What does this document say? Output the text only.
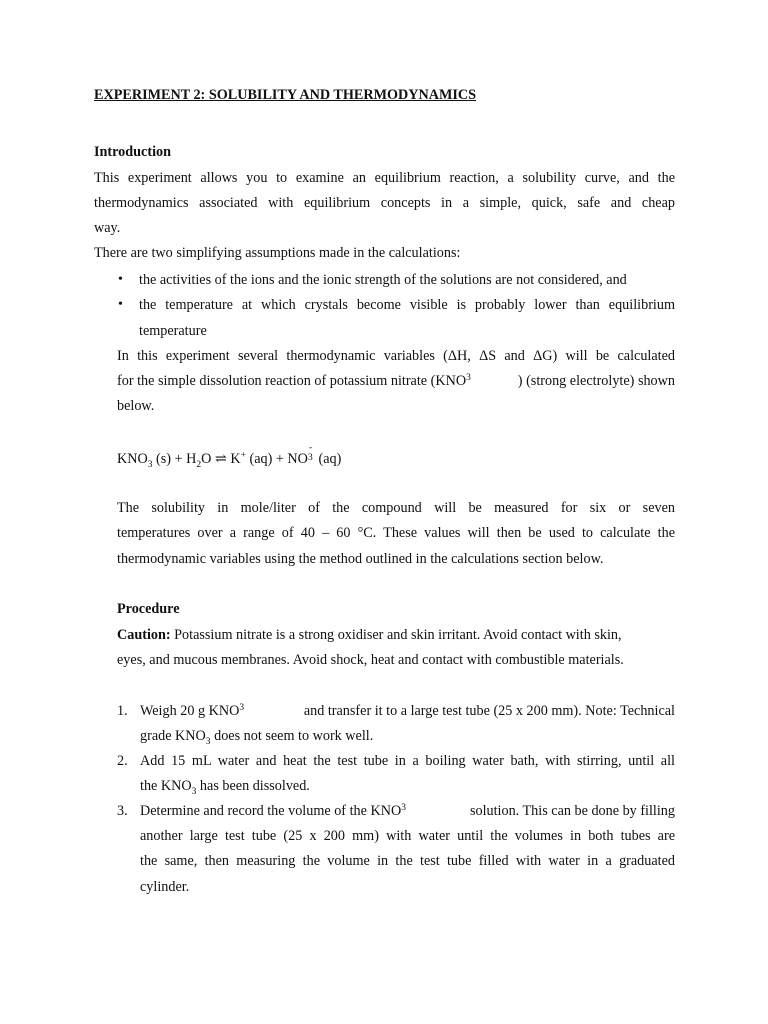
EXPERIMENT 2: SOLUBILITY AND THERMODYNAMICS
Introduction
This experiment allows you to examine an equilibrium reaction, a solubility curve, and the
thermodynamics associated with equilibrium concepts in a simple, quick, safe and cheap
way.
There are two simplifying assumptions made in the calculations:
• the activities of the ions and the ionic strength of the solutions are not considered, and
• the temperature at which crystals become visible is probably lower than equilibrium
temperature
In this experiment several thermodynamic variables (ΔH, ΔS and ΔG) will be calculated
for the simple dissolution reaction of potassium nitrate (KNO 3	) (strong electrolyte) shown
below.
$KNO_3$ $(s) + H_2O$ ⇌ K+ (aq) + NO
-
3 (aq)
The solubility in mole/liter of the compound will be measured for six or seven
temperatures over a range of 40 – 60 °C. These values will then be used to calculate the
thermodynamic variables using the method outlined in the calculations section below.
Procedure
Caution: Potassium nitrate is a strong oxidiser and skin irritant. Avoid contact with skin,
eyes, and mucous membranes. Avoid shock, heat and contact with combustible materials.
1. Weigh 20 g KNO 3	and transfer it to a large test tube (25 x 200 mm). Note: Technical
grade $KNO_3$ does not seem to work well.
2. Add 15 mL water and heat the test tube in a boiling water bath, with stirring, until all
the $KNO_3$ has been dissolved.
3. Determine and record the volume of the KNO 3	solution. This can be done by filling
another large test tube (25 x 200 mm) with water until the volumes in both tubes are
the same, then measuring the volume in the test tube filled with water in a graduated
cylinder.
